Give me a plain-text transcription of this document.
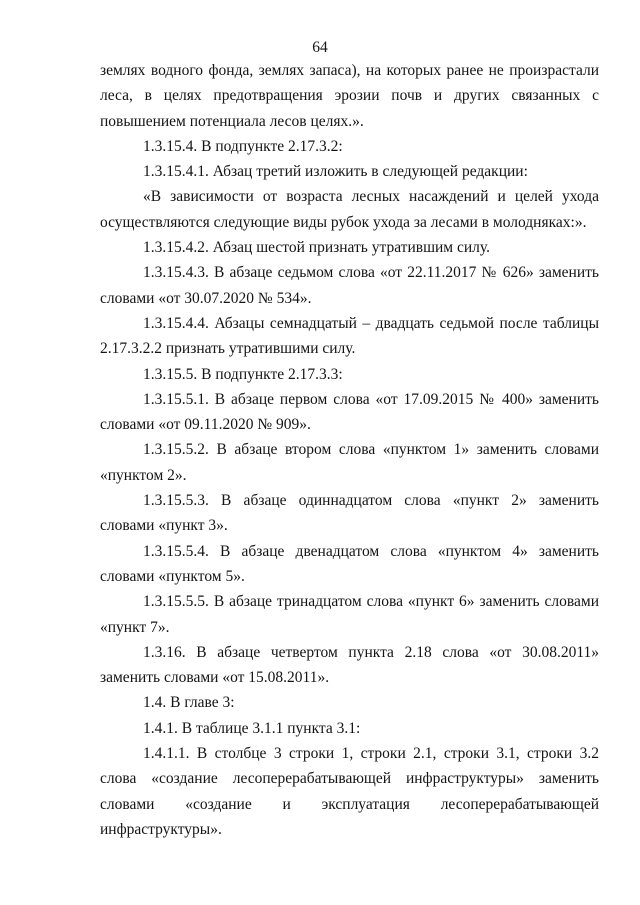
64

землях водного фонда, землях запаса), на которых ранее не произрастали леса, в целях предотвращения эрозии почв и других связанных с повышением потенциала лесов целях.».

1.3.15.4. В подпункте 2.17.3.2:

1.3.15.4.1. Абзац третий изложить в следующей редакции:

«В зависимости от возраста лесных насаждений и целей ухода осуществляются следующие виды рубок ухода за лесами в молодняках:».

1.3.15.4.2. Абзац шестой признать утратившим силу.

1.3.15.4.3. В абзаце седьмом слова «от 22.11.2017 № 626» заменить словами «от 30.07.2020 № 534».

1.3.15.4.4. Абзацы семнадцатый – двадцать седьмой после таблицы 2.17.3.2.2 признать утратившими силу.

1.3.15.5. В подпункте 2.17.3.3:

1.3.15.5.1. В абзаце первом слова «от 17.09.2015 № 400» заменить словами «от 09.11.2020 № 909».

1.3.15.5.2. В абзаце втором слова «пунктом 1» заменить словами «пунктом 2».

1.3.15.5.3. В абзаце одиннадцатом слова «пункт 2» заменить словами «пункт 3».

1.3.15.5.4. В абзаце двенадцатом слова «пунктом 4» заменить словами «пунктом 5».

1.3.15.5.5. В абзаце тринадцатом слова «пункт 6» заменить словами «пункт 7».

1.3.16. В абзаце четвертом пункта 2.18 слова «от 30.08.2011» заменить словами «от 15.08.2011».

1.4. В главе 3:

1.4.1. В таблице 3.1.1 пункта 3.1:

1.4.1.1. В столбце 3 строки 1, строки 2.1, строки 3.1, строки 3.2 слова «создание лесоперерабатывающей инфраструктуры» заменить словами «создание и эксплуатация лесоперерабатывающей инфраструктуры».
